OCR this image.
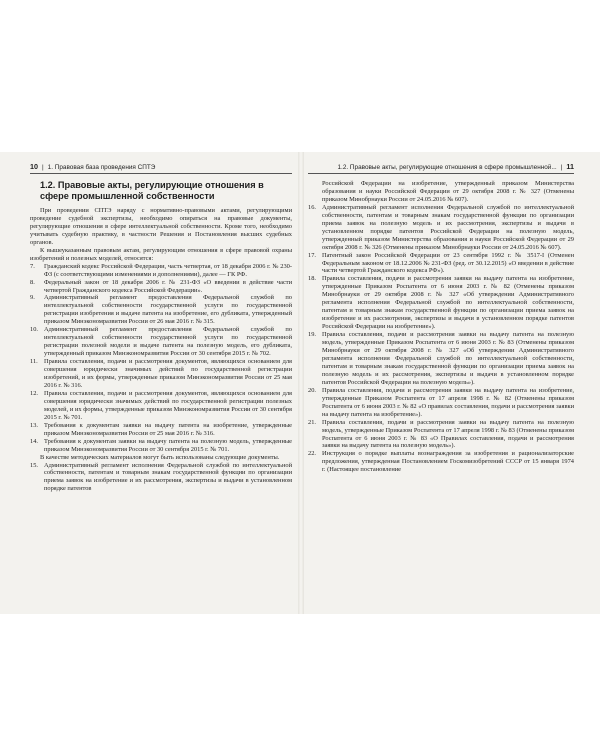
10 | 1. Правовая база проведения СПТЭ
1.2. Правовые акты, регулирующие отношения в сфере промышленной собственности

При проведении СПТЭ наряду с нормативно-правовыми актами, регулирующими проведение судебной экспертизы, необходимо опираться на правовые документы, регулирующие отношения в сфере интеллектуальной собственности. Кроме того, необходимо учитывать судебную практику, в частности Решения и Постановления высших судебных органов.

К вышеуказанным правовым актам, регулирующим отношения в сфере правовой охраны изобретений и полезных моделей, относятся:

7.	Гражданский кодекс Российской Федерации, часть четвертая, от 18 декабря 2006 г. № 230-ФЗ (с соответствующими изменениями и дополнениями), далее — ГК РФ.
8.	Федеральный закон от 18 декабря 2006 г. № 231-ФЗ «О введении в действие части четвертой Гражданского кодекса Российской Федерации».
9.	Административный регламент предоставления Федеральной службой по интеллектуальной собственности государственной услуги по государственной регистрации изобретения и выдаче патента на изобретение, его дубликата, утвержденный приказом Минэкономразвития России от 26 мая 2016 г. № 315.
10. Административный регламент предоставления Федеральной службой по интеллектуальной собственности государственной услуги по государственной регистрации полезной модели и выдаче патента на полезную модель, его дубликата, утвержденный приказом Минэкономразвития России от 30 сентября 2015 г. № 702.
11. Правила составления, подачи и рассмотрения документов, являющихся основанием для совершения юридически значимых действий по государственной регистрации изобретений, и их формы, утвержденные приказом Минэкономразвития России от 25 мая 2016 г. № 316.
12. Правила составления, подачи и рассмотрения документов, являющихся основанием для совершения юридически значимых действий по государственной регистрации полезных моделей, и их формы, утвержденные приказом Минэкономразвития России от 30 сентября 2015 г. № 701.
13. Требования к документам заявки на выдачу патента на изобретение, утвержденные приказом Минэкономразвития России от 25 мая 2016 г. № 316.
14. Требования к документам заявки на выдачу патента на полезную модель, утвержденные приказом Минэкономразвития России от 30 сентября 2015 г. № 701.

В качестве методических материалов могут быть использованы следующие документы.

15. Административный регламент исполнения Федеральной службой по интеллектуальной собственности, патентам и товарным знакам государственной функции по организации приема заявок на изобретение и их рассмотрения, экспертизы и выдачи в установленном порядке патентов
1.2. Правовые акты, регулирующие отношения в сфере промышленной... | 11
Российской Федерации на изобретение, утвержденный приказом Министерства образования и науки Российской Федерации от 29 октября 2008 г. № 327 (Отменены приказом Минобрнауки России от 24.05.2016 № 607).
16. Административный регламент исполнения Федеральной службой по интеллектуальной собственности, патентам и товарным знакам государственной функции по организации приема заявок на полезную модель и их рассмотрения, экспертизы и выдачи в установленном порядке патентов Российской Федерации на полезную модель, утвержденный приказом Министерства образования и науки Российской Федерации от 29 октября 2008 г. № 326 (Отменены приказом Минобрнауки России от 24.05.2016 № 607).
17. Патентный закон Российской Федерации от 23 сентября 1992 г. № 3517-I (Отменен Федеральным законом от 18.12.2006 № 231-ФЗ (ред. от 30.12.2015) «О введении в действие части четвертой Гражданского кодекса РФ»).
18. Правила составления, подачи и рассмотрения заявки на выдачу патента на изобретение, утвержденные Приказом Роспатента от 6 июня 2003 г. № 82 (Отменены приказом Минобрнауки от 29 октября 2008 г. № 327 «Об утверждении Административного регламента исполнения Федеральной службой по интеллектуальной собственности, патентам и товарным знакам государственной функции по организации приема заявок на изобретение и их рассмотрения, экспертизы и выдачи в установленном порядке патентов Российской Федерации на изобретение»).
19. Правила составления, подачи и рассмотрения заявки на выдачу патента на полезную модель, утвержденные Приказом Роспатента от 6 июня 2003 г. № 83 (Отменены приказом Минобрнауки от 29 октября 2008 г. № 327 «Об утверждении Административного регламента исполнения Федеральной службой по интеллектуальной собственности, патентам и товарным знакам государственной функции по организации приема заявок на полезную модель и их рассмотрения, экспертизы и выдачи в установленном порядке патентов Российской Федерации на полезную модель»).
20. Правила составления, подачи и рассмотрения заявки на выдачу патента на изобретение, утвержденные Приказом Роспатента от 17 апреля 1998 г. № 82 (Отменены приказом Роспатента от 6 июня 2003 г. № 82 «О правилах составления, подачи и рассмотрения заявки на выдачу патента на изобретение»).
21. Правила составления, подачи и рассмотрения заявки на выдачу патента на полезную модель, утвержденные Приказом Роспатента от 17 апреля 1998 г. № 83 (Отменены приказом Роспатента от 6 июня 2003 г. № 83 «О Правилах составления, подачи и рассмотрения заявки на выдачу патента на полезную модель»).
22. Инструкция о порядке выплаты вознаграждения за изобретения и рационализаторские предложения, утвержденная Постановлением Госкомизобретений СССР от 15 января 1974 г. (Настоящее постановление
